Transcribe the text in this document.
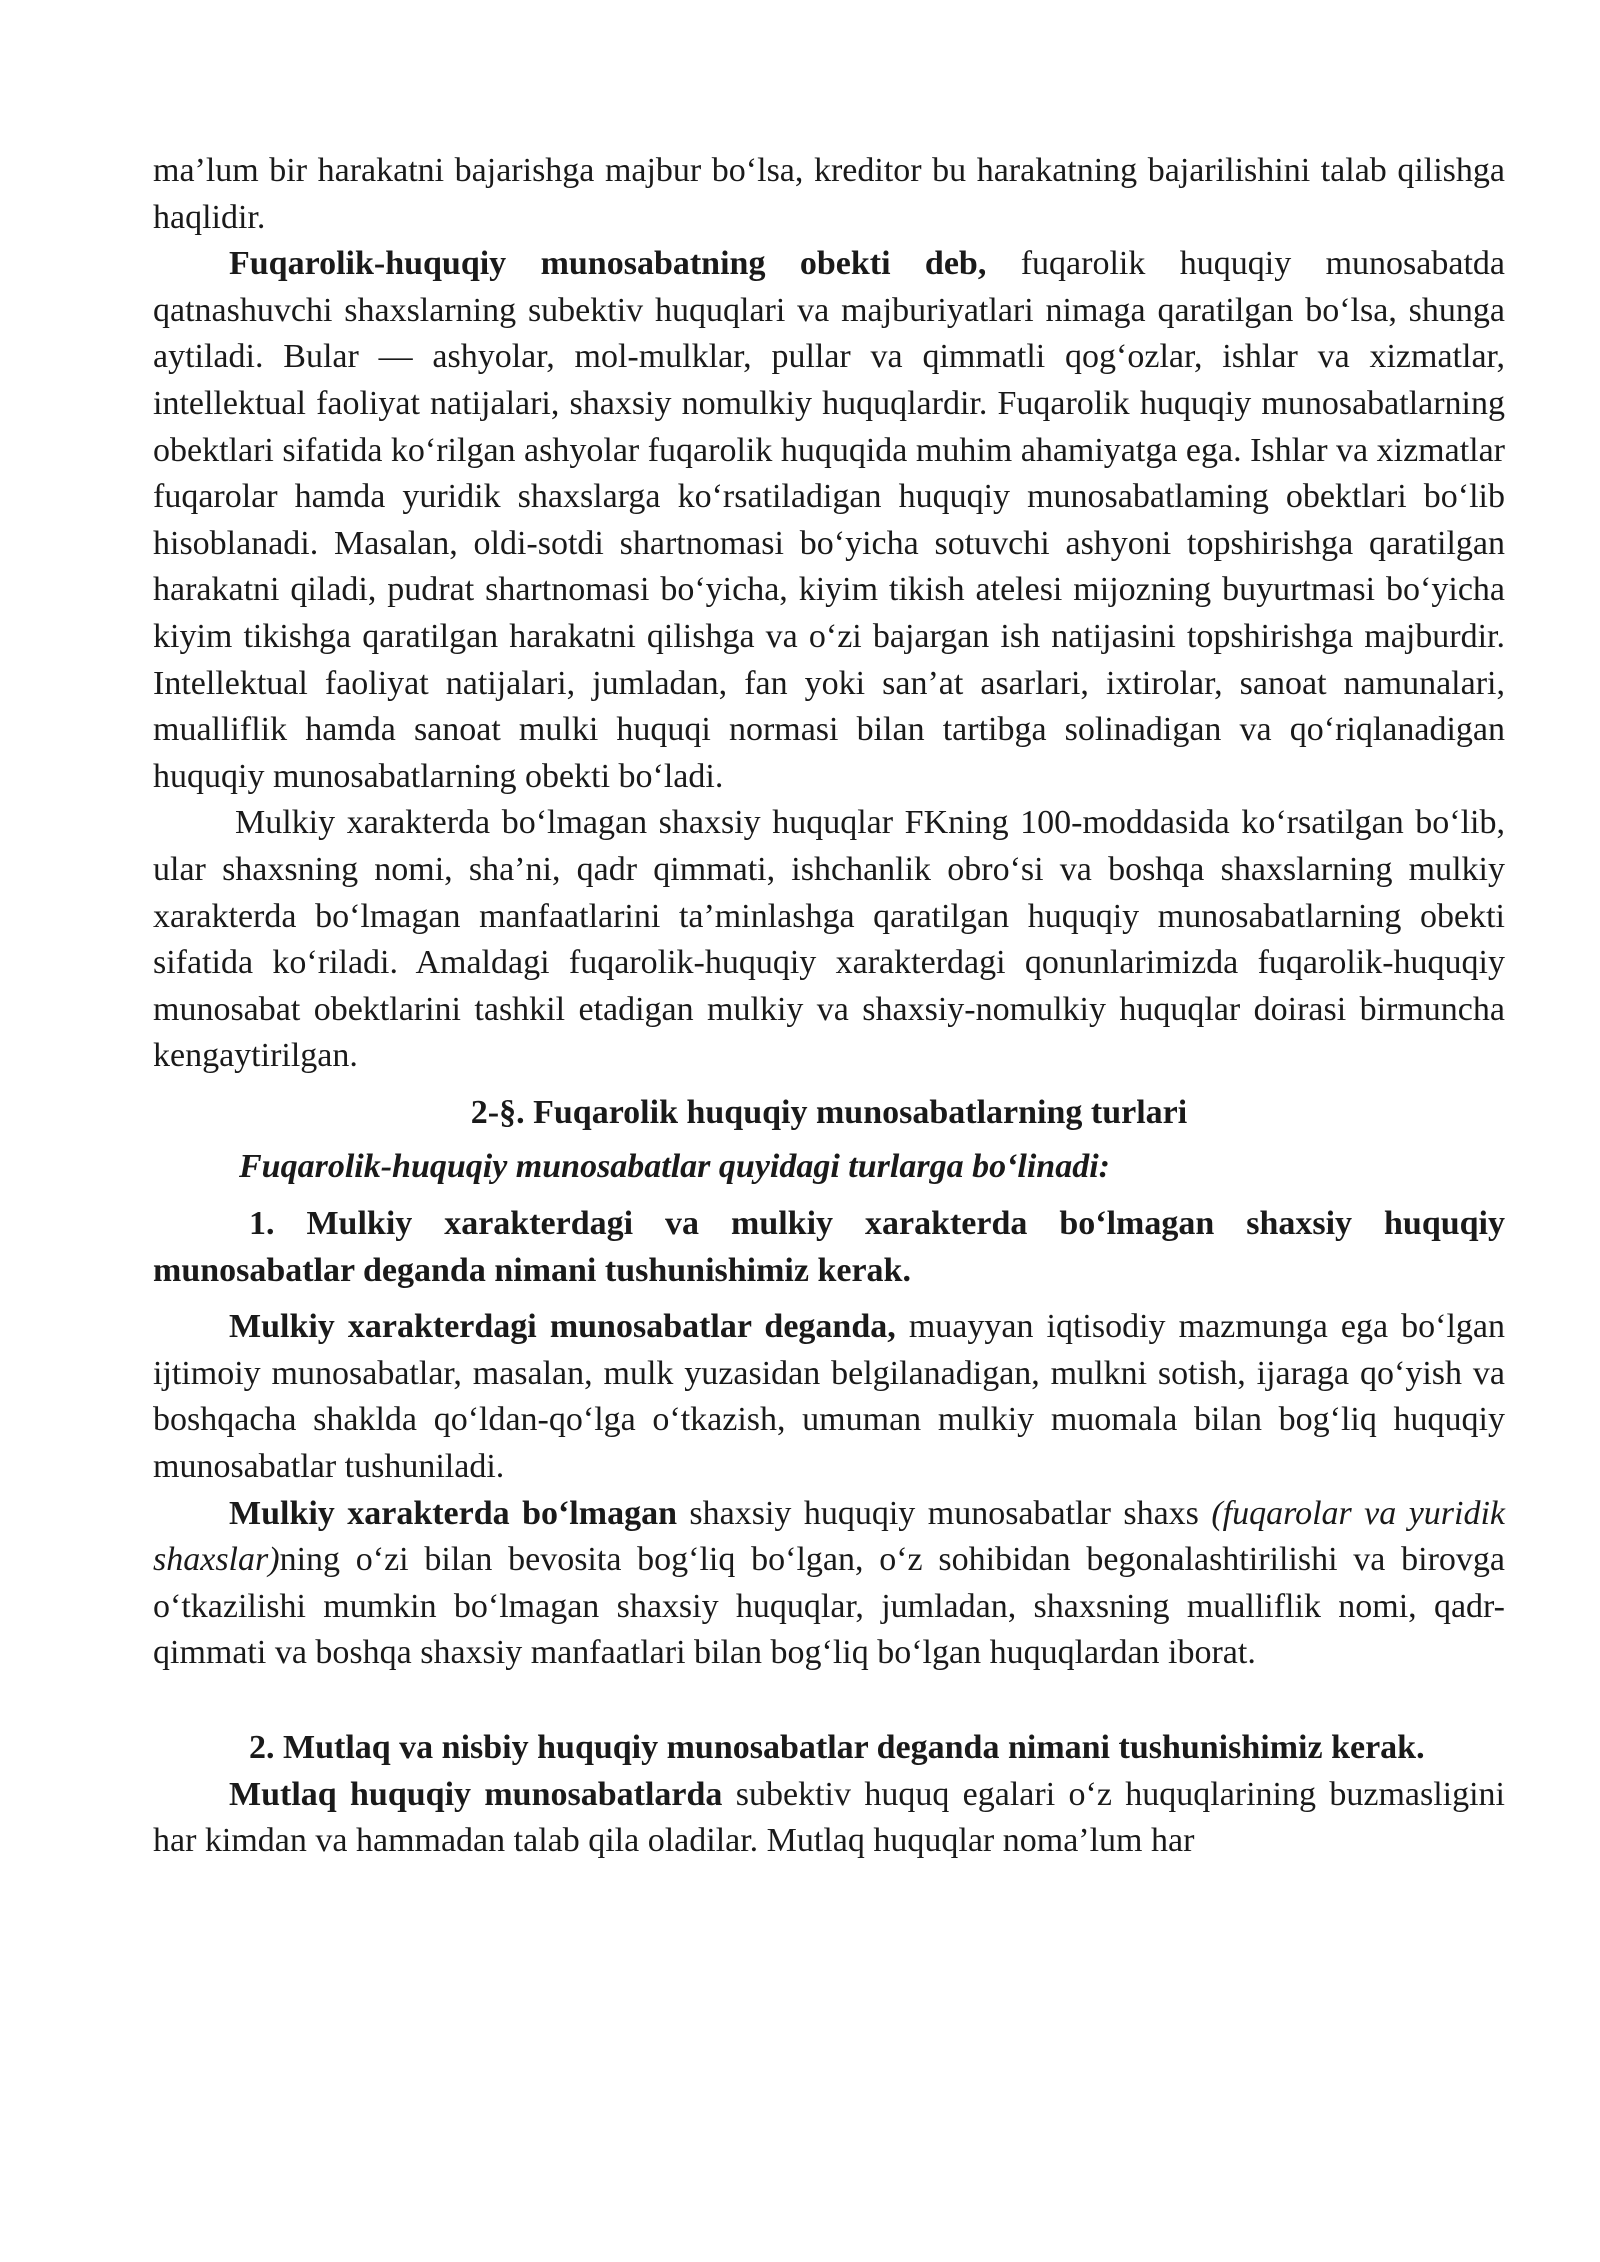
ma’lum bir harakatni bajarishga majbur bo‘lsa, kreditor bu harakatning bajarilishini talab qilishga haqlidir.

Fuqarolik-huquqiy munosabatning obekti deb, fuqarolik huquqiy munosabatda qatnashuvchi shaxslarning subektiv huquqlari va majburiyatlari nimaga qaratilgan bo‘lsa, shunga aytiladi. Bular — ashyolar, mol-mulklar, pullar va qimmatli qog‘ozlar, ishlar va xizmatlar, intellektual faoliyat natijalari, shaxsiy nomulkiy huquqlardir. Fuqarolik huquqiy munosabatlarning obektlari sifatida ko‘rilgan ashyolar fuqarolik huquqida muhim ahamiyatga ega. Ishlar va xizmatlar fuqarolar hamda yuridik shaxslarga ko‘rsatiladigan huquqiy munosabatlaming obektlari bo‘lib hisoblanadi. Masalan, oldi-sotdi shartnomasi bo‘yicha sotuvchi ashyoni topshirishga qaratilgan harakatni qiladi, pudrat shartnomasi bo‘yicha, kiyim tikish atelesi mijozning buyurtmasi bo‘yicha kiyim tikishga qaratilgan harakatni qilishga va o‘zi bajargan ish natijasini topshirishga majburdir. Intellektual faoliyat natijalari, jumladan, fan yoki san’at asarlari, ixtirolar, sanoat namunalari, mualliflik hamda sanoat mulki huquqi normasi bilan tartibga solinadigan va qo‘riqlanadigan huquqiy munosabatlarning obekti bo‘ladi.

Mulkiy xarakterda bo‘lmagan shaxsiy huquqlar FKning 100-moddasida ko‘rsatilgan bo‘lib, ular shaxsning nomi, sha’ni, qadr qimmati, ishchanlik obro‘si va boshqa shaxslarning mulkiy xarakterda bo‘lmagan manfaatlarini ta’minlashga qaratilgan huquqiy munosabatlarning obekti sifatida ko‘riladi. Amaldagi fuqarolik-huquqiy xarakterdagi qonunlarimizda fuqarolik-huquqiy munosabat obektlarini tashkil etadigan mulkiy va shaxsiy-nomulkiy huquqlar doirasi birmuncha kengaytirilgan.

2-§. Fuqarolik huquqiy munosabatlarning turlari

Fuqarolik-huquqiy munosabatlar quyidagi turlarga bo‘linadi:

1. Mulkiy xarakterdagi va mulkiy xarakterda bo‘lmagan shaxsiy huquqiy munosabatlar deganda nimani tushunishimiz kerak.

Mulkiy xarakterdagi munosabatlar deganda, muayyan iqtisodiy mazmunga ega bo‘lgan ijtimoiy munosabatlar, masalan, mulk yuzasidan belgilanadigan, mulkni sotish, ijaraga qo‘yish va boshqacha shaklda qo‘ldan-qo‘lga o‘tkazish, umuman mulkiy muomala bilan bog‘liq huquqiy munosabatlar tushuniladi.

Mulkiy xarakterda bo‘lmagan shaxsiy huquqiy munosabatlar shaxs (fuqarolar va yuridik shaxslar)ning o‘zi bilan bevosita bog‘liq bo‘lgan, o‘z sohibidan begonalashtirilishi va birovga o‘tkazilishi mumkin bo‘lmagan shaxsiy huquqlar, jumladan, shaxsning mualliflik nomi, qadr-qimmati va boshqa shaxsiy manfaatlari bilan bog‘liq bo‘lgan huquqlardan iborat.

2. Mutlaq va nisbiy huquqiy munosabatlar deganda nimani tushunishimiz kerak.

Mutlaq huquqiy munosabatlarda subektiv huquq egalari o‘z huquqlarining buzmasligini har kimdan va hammadan talab qila oladilar. Mutlaq huquqlar noma’lum har
